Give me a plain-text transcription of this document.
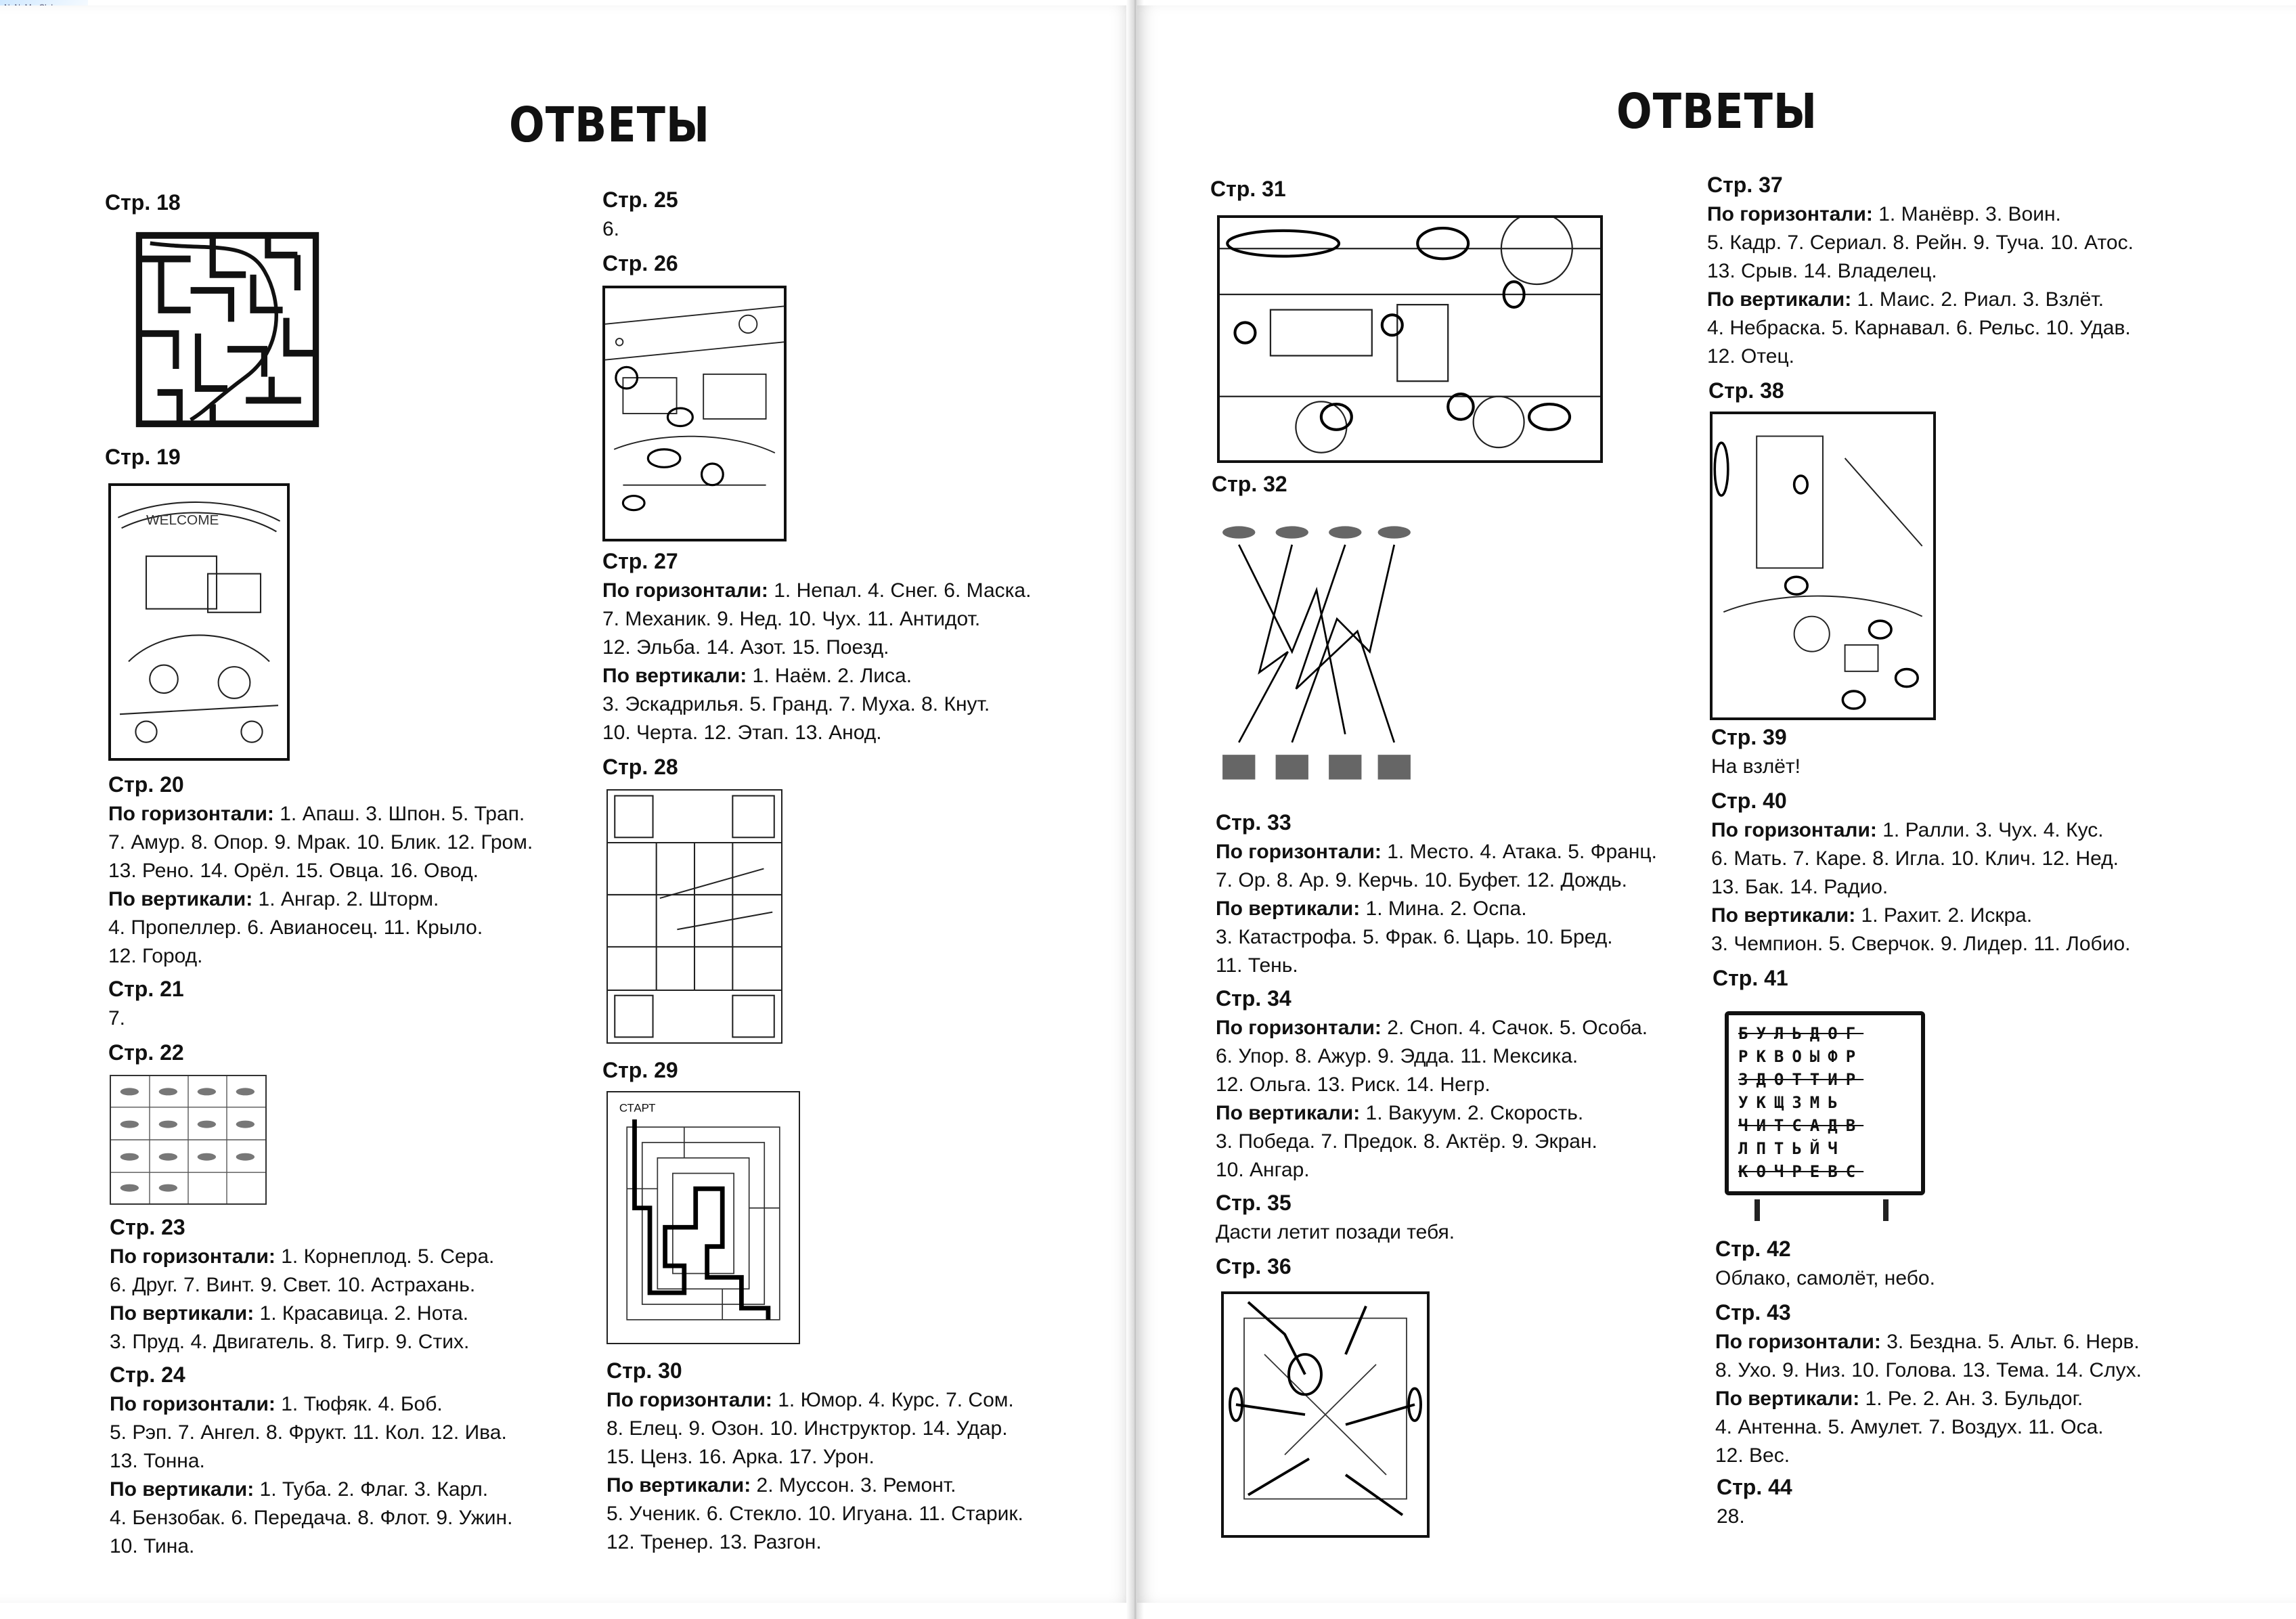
ОТВЕТЫ
Стр. 18
Стр. 19
WELCOME
Стр. 20
По горизонтали: 1. Апаш. 3. Шпон. 5. Трап.
7. Амур. 8. Опор. 9. Мрак. 10. Блик. 12. Гром.
13. Рено. 14. Орёл. 15. Овца. 16. Овод.
По вертикали: 1. Ангар. 2. Шторм.
4. Пропеллер. 6. Авианосец. 11. Крыло.
12. Город.
Стр. 21
7.
Стр. 22
Стр. 23
По горизонтали: 1. Корнеплод. 5. Сера.
6. Друг. 7. Винт. 9. Свет. 10. Астрахань.
По вертикали: 1. Красавица. 2. Нота.
3. Пруд. 4. Двигатель. 8. Тигр. 9. Стих.
Стр. 24
По горизонтали: 1. Тюфяк. 4. Боб.
5. Рэп. 7. Ангел. 8. Фрукт. 11. Кол. 12. Ива.
13. Тонна.
По вертикали: 1. Туба. 2. Флаг. 3. Карл.
4. Бензобак. 6. Передача. 8. Флот. 9. Ужин.
10. Тина.
Стр. 25
6.
Стр. 26
Стр. 27
По горизонтали: 1. Непал. 4. Снег. 6. Маска.
7. Механик. 9. Нед. 10. Чух. 11. Антидот.
12. Эльба. 14. Азот. 15. Поезд.
По вертикали: 1. Наём. 2. Лиса.
3. Эскадрилья. 5. Гранд. 7. Муха. 8. Кнут.
10. Черта. 12. Этап. 13. Анод.
Стр. 28
Стр. 29
СТАРТ
Стр. 30
По горизонтали: 1. Юмор. 4. Курс. 7. Сом.
8. Елец. 9. Озон. 10. Инструктор. 14. Удар.
15. Ценз. 16. Арка. 17. Урон.
По вертикали: 2. Муссон. 3. Ремонт.
5. Ученик. 6. Стекло. 10. Игуана. 11. Старик.
12. Тренер. 13. Разгон.
ОТВЕТЫ
Стр. 31
Стр. 32
Стр. 33
По горизонтали: 1. Место. 4. Атака. 5. Франц.
7. Ор. 8. Ар. 9. Керчь. 10. Буфет. 12. Дождь.
По вертикали: 1. Мина. 2. Оспа.
3. Катастрофа. 5. Фрак. 6. Царь. 10. Бред.
11. Тень.
Стр. 34
По горизонтали: 2. Сноп. 4. Сачок. 5. Особа.
6. Упор. 8. Ажур. 9. Эдда. 11. Мексика.
12. Ольга. 13. Риск. 14. Негр.
По вертикали: 1. Вакуум. 2. Скорость.
3. Победа. 7. Предок. 8. Актёр. 9. Экран.
10. Ангар.
Стр. 35
Дасти летит позади тебя.
Стр. 36
Стр. 37
По горизонтали: 1. Манёвр. 3. Воин.
5. Кадр. 7. Сериал. 8. Рейн. 9. Туча. 10. Атос.
13. Срыв. 14. Владелец.
По вертикали: 1. Маис. 2. Риал. 3. Взлёт.
4. Небраска. 5. Карнавал. 6. Рельс. 10. Удав.
12. Отец.
Стр. 38
Стр. 39
На взлёт!
Стр. 40
По горизонтали: 1. Ралли. 3. Чух. 4. Кус.
6. Мать. 7. Каре. 8. Игла. 10. Клич. 12. Нед.
13. Бак. 14. Радио.
По вертикали: 1. Рахит. 2. Искра.
3. Чемпион. 5. Сверчок. 9. Лидер. 11. Лобио.
Стр. 41
БУЛЬДОГ
РКВОЫФР
ЗДОТТИР
УКЩЗМЬ
ЧИТСАДВ
ЛПТЬЙЧ
КОЧРЕВС
Стр. 42
Облако, самолёт, небо.
Стр. 43
По горизонтали: 3. Бездна. 5. Альт. 6. Нерв.
8. Ухо. 9. Низ. 10. Голова. 13. Тема. 14. Слух.
По вертикали: 1. Ре. 2. Ан. 3. Бульдог.
4. Антенна. 5. Амулет. 7. Воздух. 11. Оса.
12. Вес.
Стр. 44
28.
